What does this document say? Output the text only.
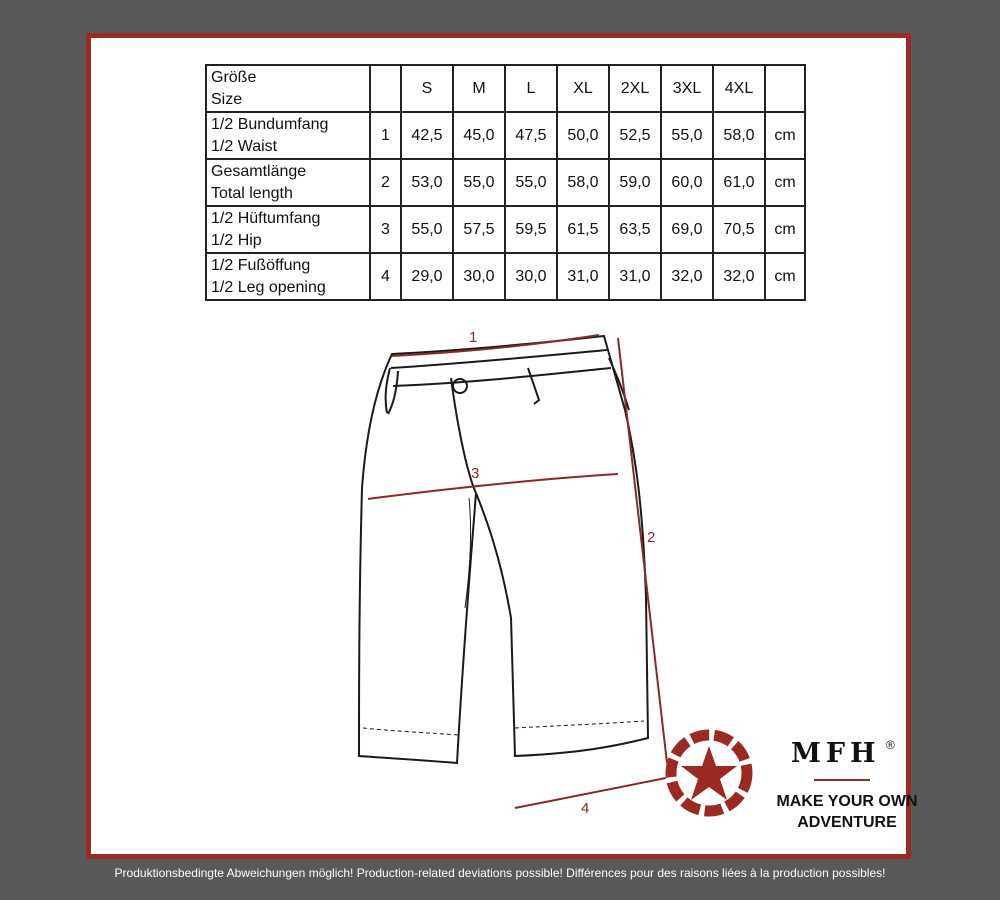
Größe
Size		S	M	L	XL	2XL	3XL	4XL	

1/2 Bundumfang
1/2 Waist	1	42,5	45,0	47,5	50,0	52,5	55,0	58,0	cm

Gesamtlänge
Total length	2	53,0	55,0	55,0	58,0	59,0	60,0	61,0	cm

1/2 Hüftumfang
1/2 Hip	3	55,0	57,5	59,5	61,5	63,5	69,0	70,5	cm

1/2 Fußöffung
1/2 Leg opening	4	29,0	30,0	30,0	31,0	31,0	32,0	32,0	cm
1
2
3
4
MFH ®
MAKE YOUR OWN ADVENTURE
Produktionsbedingte Abweichungen möglich! Production-related deviations possible! Différences pour des raisons liées à la production possibles!
